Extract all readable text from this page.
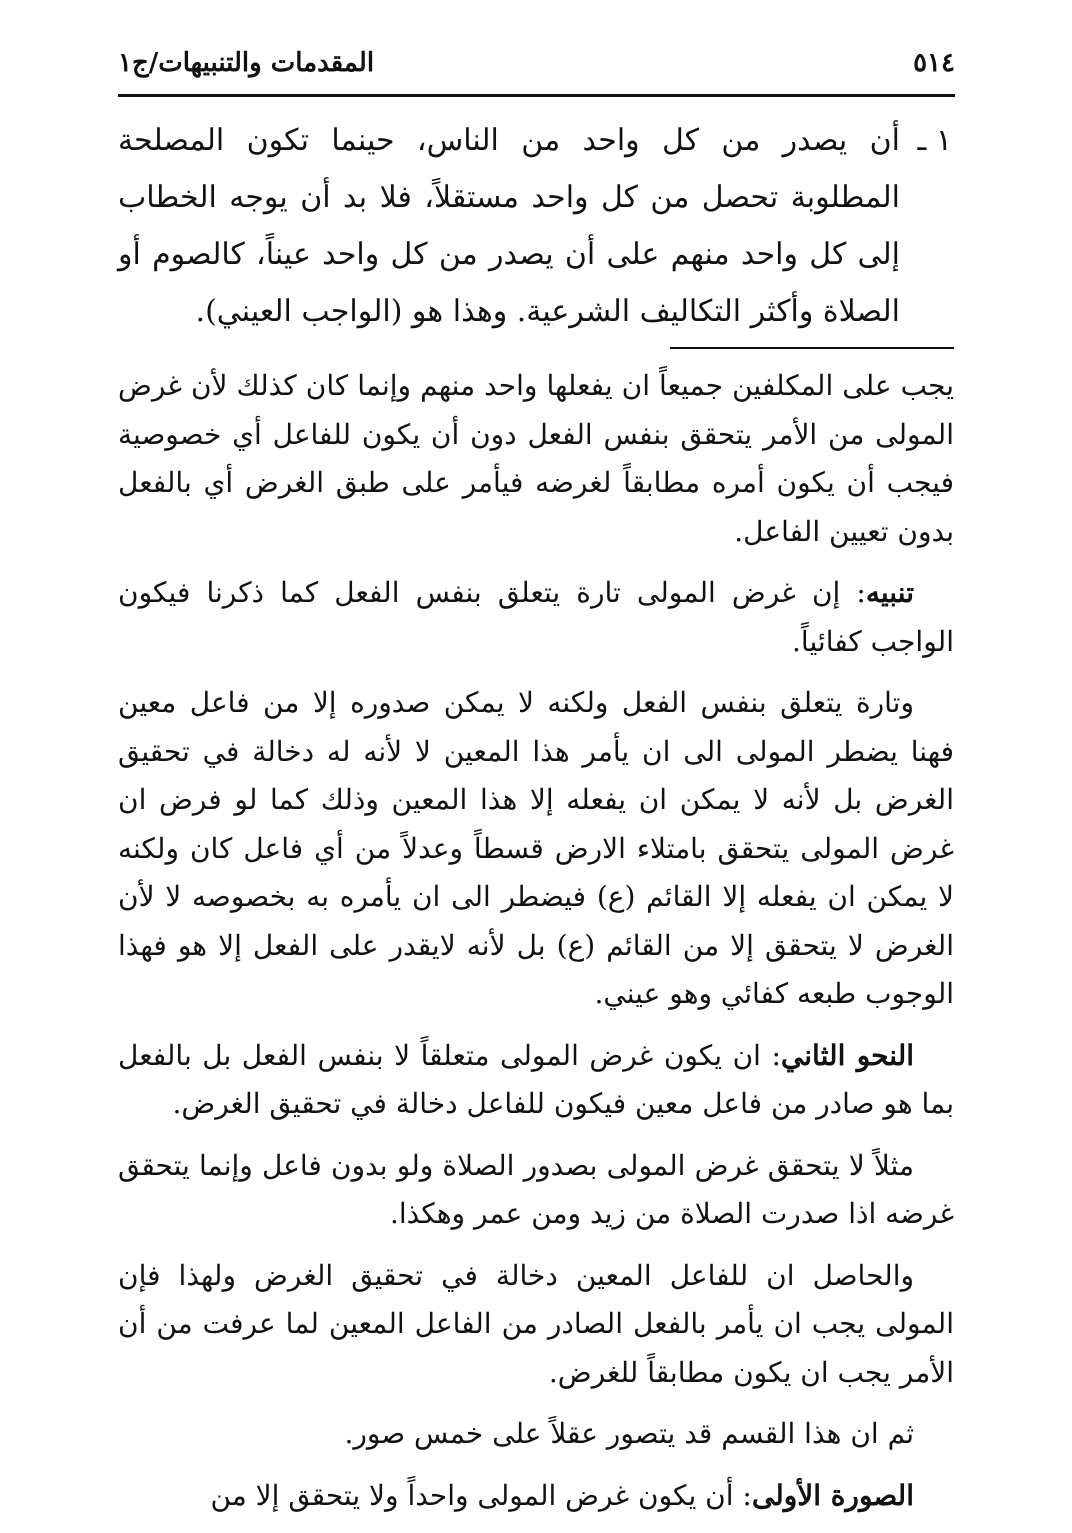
٥١٤
المقدمات والتنبيهات/ج١
١ ـ
أن يصدر من كل واحد من الناس، حينما تكون المصلحة المطلوبة تحصل من كل واحد مستقلاً، فلا بد أن يوجه الخطاب إلى كل واحد منهم على أن يصدر من كل واحد عيناً، كالصوم أو الصلاة وأكثر التكاليف الشرعية. وهذا هو (الواجب العيني).

يجب على المكلفين جميعاً ان يفعلها واحد منهم وإنما كان كذلك لأن غرض المولى من الأمر يتحقق بنفس الفعل دون أن يكون للفاعل أي خصوصية فيجب أن يكون أمره مطابقاً لغرضه فيأمر على طبق الغرض أي بالفعل بدون تعيين الفاعل.

تنبيه: إن غرض المولى تارة يتعلق بنفس الفعل كما ذكرنا فيكون الواجب كفائياً.

وتارة يتعلق بنفس الفعل ولكنه لا يمكن صدوره إلا من فاعل معين فهنا يضطر المولى الى ان يأمر هذا المعين لا لأنه له دخالة في تحقيق الغرض بل لأنه لا يمكن ان يفعله إلا هذا المعين وذلك كما لو فرض ان غرض المولى يتحقق بامتلاء الارض قسطاً وعدلاً من أي فاعل كان ولكنه لا يمكن ان يفعله إلا القائم (ع) فيضطر الى ان يأمره به بخصوصه لا لأن الغرض لا يتحقق إلا من القائم (ع) بل لأنه لايقدر على الفعل إلا هو فهذا الوجوب طبعه كفائي وهو عيني.

النحو الثاني: ان يكون غرض المولى متعلقاً لا بنفس الفعل بل بالفعل بما هو صادر من فاعل معين فيكون للفاعل دخالة في تحقيق الغرض.

مثلاً لا يتحقق غرض المولى بصدور الصلاة ولو بدون فاعل وإنما يتحقق غرضه اذا صدرت الصلاة من زيد ومن عمر وهكذا.

والحاصل ان للفاعل المعين دخالة في تحقيق الغرض ولهذا فإن المولى يجب ان يأمر بالفعل الصادر من الفاعل المعين لما عرفت من أن الأمر يجب ان يكون مطابقاً للغرض.

ثم ان هذا القسم قد يتصور عقلاً على خمس صور.

الصورة الأولى: أن يكون غرض المولى واحداً ولا يتحقق إلا من
